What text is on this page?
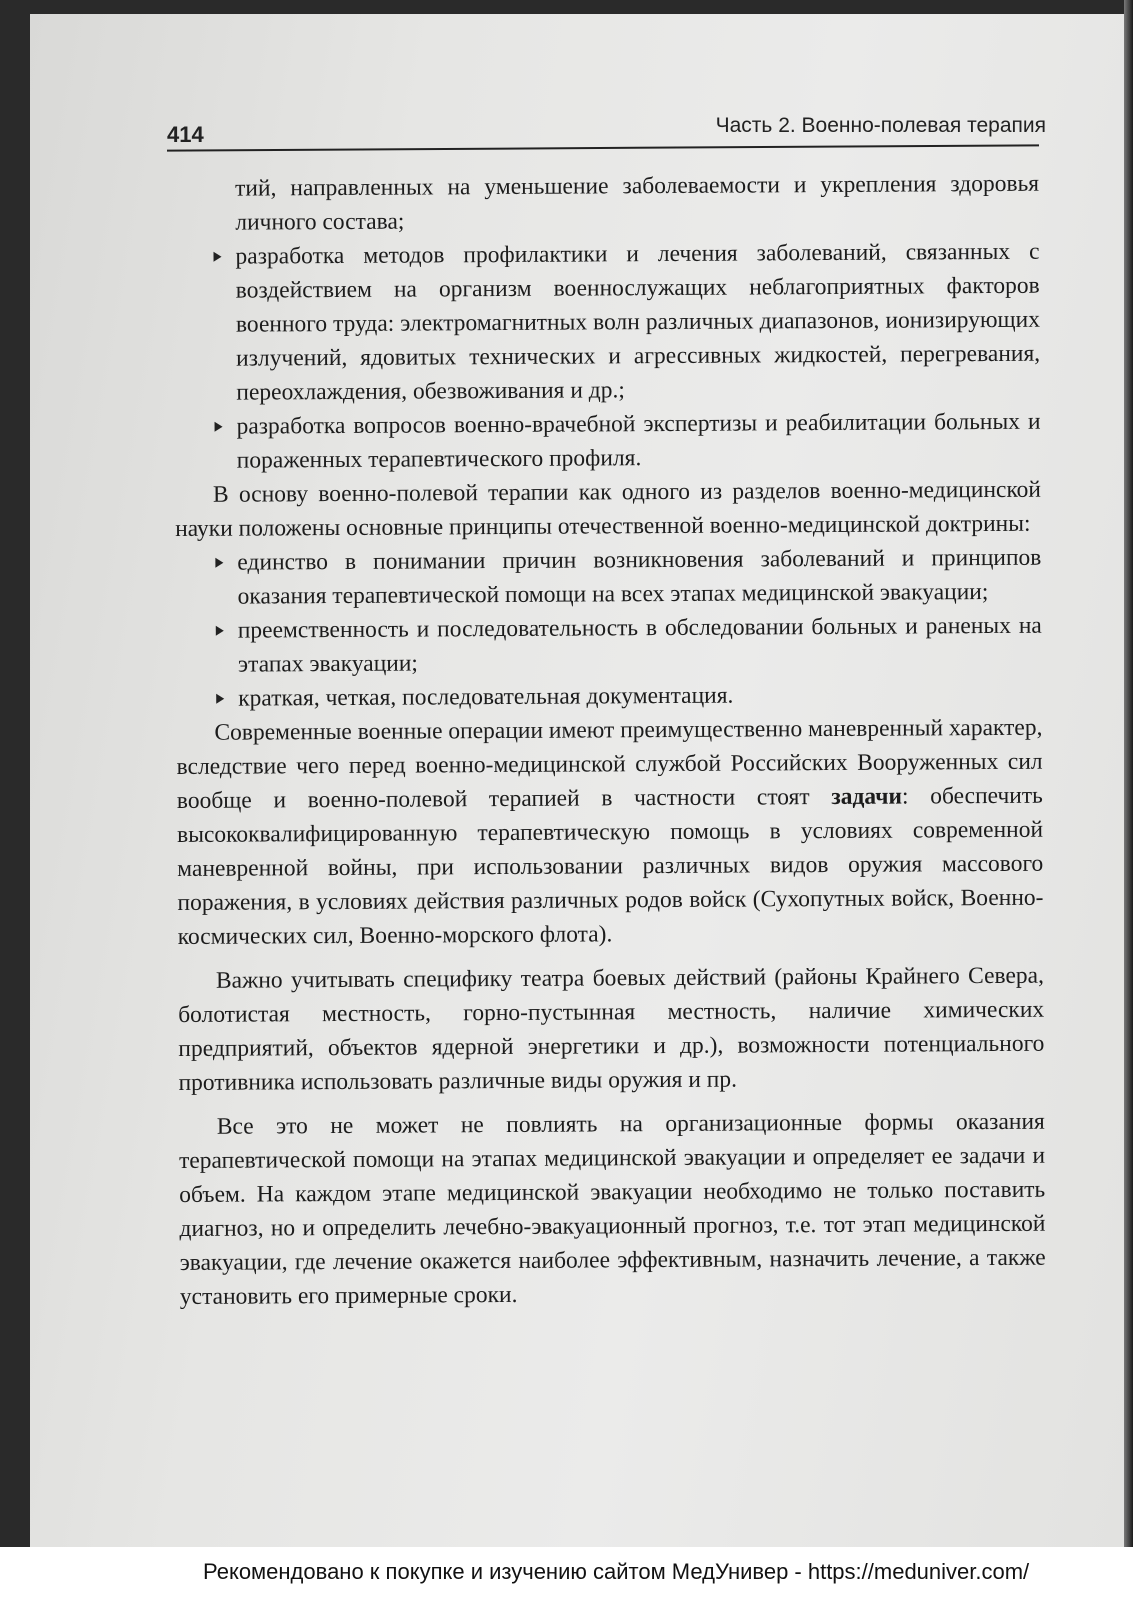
414	Часть 2. Военно-полевая терапия

тий, направленных на уменьшение заболеваемости и укрепления здоровья личного состава;

разработка методов профилактики и лечения заболеваний, связанных с воздействием на организм военнослужащих неблагоприятных факторов военного труда: электромагнитных волн различных диапазонов, ионизирующих излучений, ядовитых технических и агрессивных жидкостей, перегревания, переохлаждения, обезвоживания и др.;

разработка вопросов военно-врачебной экспертизы и реабилитации больных и пораженных терапевтического профиля.

В основу военно-полевой терапии как одного из разделов военно-медицинской науки положены основные принципы отечественной военно-медицинской доктрины:

единство в понимании причин возникновения заболеваний и принципов оказания терапевтической помощи на всех этапах медицинской эвакуации;

преемственность и последовательность в обследовании больных и раненых на этапах эвакуации;

краткая, четкая, последовательная документация.

Современные военные операции имеют преимущественно маневренный характер, вследствие чего перед военно-медицинской службой Российских Вооруженных сил вообще и военно-полевой терапией в частности стоят задачи: обеспечить высококвалифицированную терапевтическую помощь в условиях современной маневренной войны, при использовании различных видов оружия массового поражения, в условиях действия различных родов войск (Сухопутных войск, Военно-космических сил, Военно-морского флота).

Важно учитывать специфику театра боевых действий (районы Крайнего Севера, болотистая местность, горно-пустынная местность, наличие химических предприятий, объектов ядерной энергетики и др.), возможности потенциального противника использовать различные виды оружия и пр.

Все это не может не повлиять на организационные формы оказания терапевтической помощи на этапах медицинской эвакуации и определяет ее задачи и объем. На каждом этапе медицинской эвакуации необходимо не только поставить диагноз, но и определить лечебно-эвакуационный прогноз, т.е. тот этап медицинской эвакуации, где лечение окажется наиболее эффективным, назначить лечение, а также установить его примерные сроки.

Рекомендовано к покупке и изучению сайтом МедУнивер - https://meduniver.com/
